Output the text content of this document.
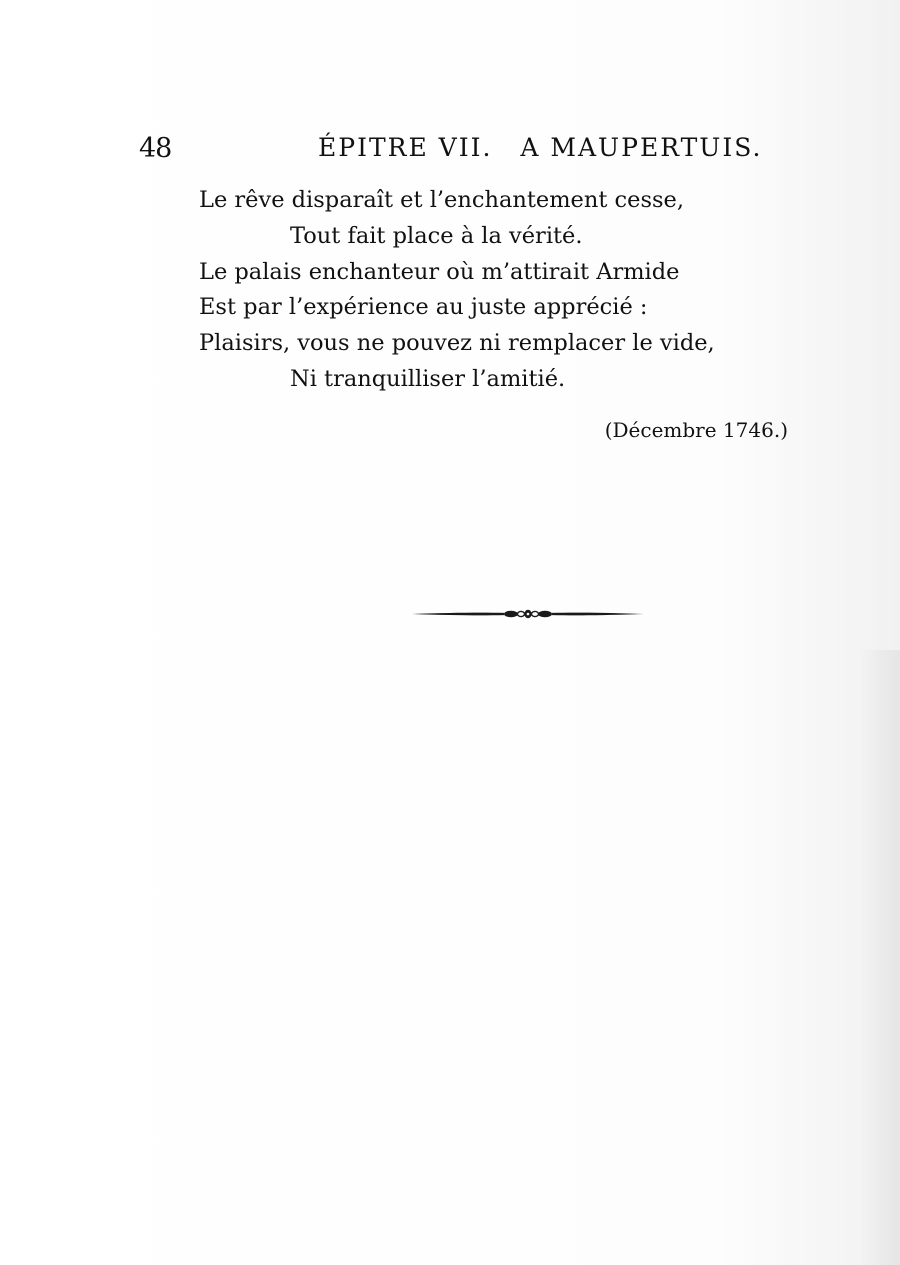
48	ÉPITRE VII. A MAUPERTUIS.
Le rêve disparaît et l’enchantement cesse,
Tout fait place à la vérité.
Le palais enchanteur où m’attirait Armide
Est par l’expérience au juste apprécié :
Plaisirs, vous ne pouvez ni remplacer le vide,
Ni tranquilliser l’amitié.
(Décembre 1746.)
